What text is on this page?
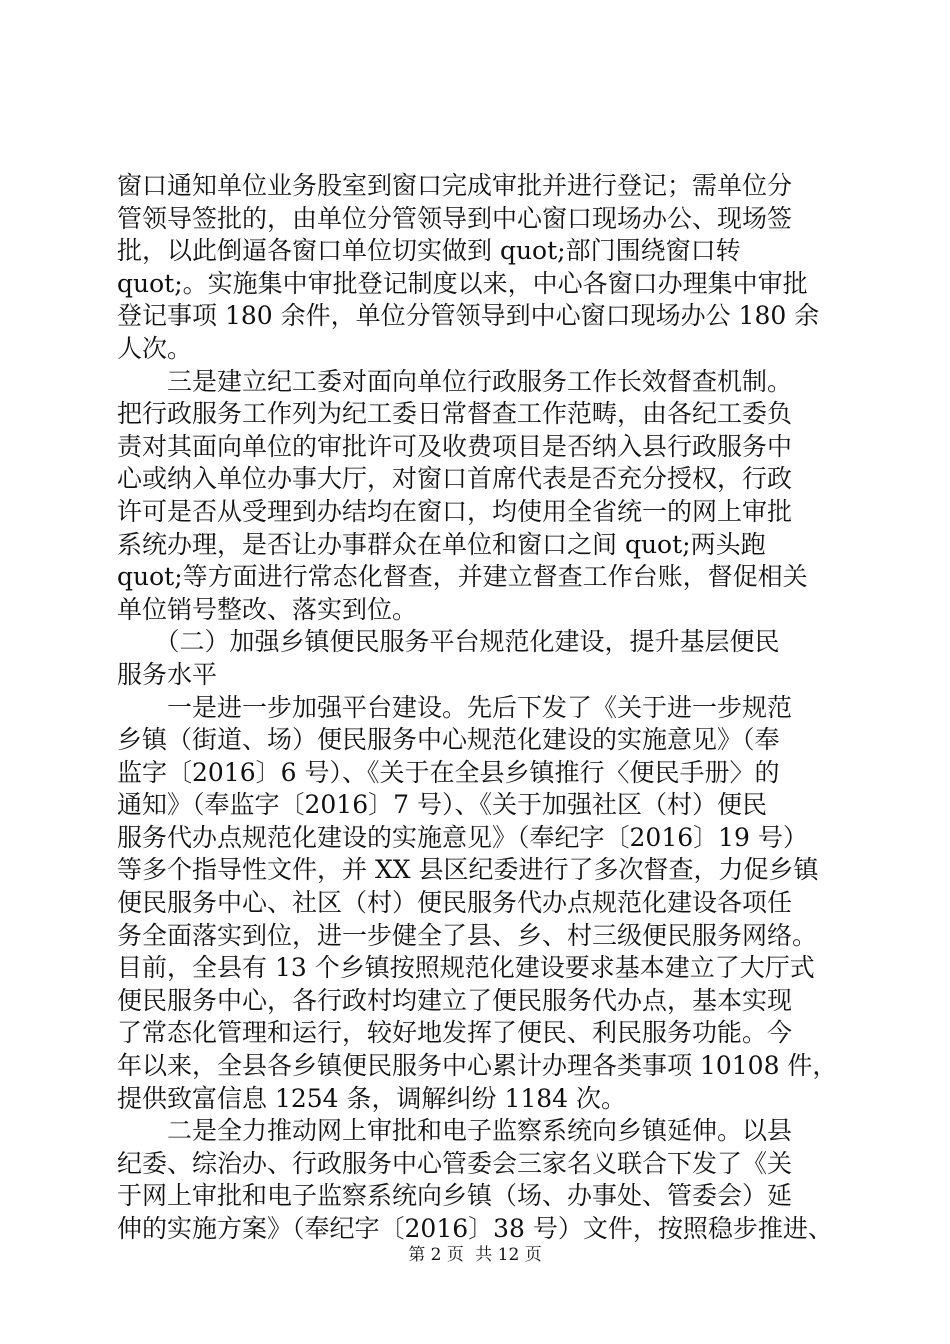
窗口通知单位业务股室到窗口完成审批并进行登记；需单位分
管领导签批的，由单位分管领导到中心窗口现场办公、现场签
批，以此倒逼各窗口单位切实做到 quot;部门围绕窗口转
quot;。实施集中审批登记制度以来，中心各窗口办理集中审批
登记事项 180 余件，单位分管领导到中心窗口现场办公 180 余
人次。
　　三是建立纪工委对面向单位行政服务工作长效督查机制。
把行政服务工作列为纪工委日常督查工作范畴，由各纪工委负
责对其面向单位的审批许可及收费项目是否纳入县行政服务中
心或纳入单位办事大厅，对窗口首席代表是否充分授权，行政
许可是否从受理到办结均在窗口，均使用全省统一的网上审批
系统办理，是否让办事群众在单位和窗口之间 quot;两头跑
quot;等方面进行常态化督查，并建立督查工作台账，督促相关
单位销号整改、落实到位。
　　（二）加强乡镇便民服务平台规范化建设，提升基层便民
服务水平
　　一是进一步加强平台建设。先后下发了《关于进一步规范
乡镇（街道、场）便民服务中心规范化建设的实施意见》（奉
监字〔2016〕6 号）、《关于在全县乡镇推行〈便民手册〉的
通知》（奉监字〔2016〕7 号）、《关于加强社区（村）便民
服务代办点规范化建设的实施意见》（奉纪字〔2016〕19 号）
等多个指导性文件，并 XX 县区纪委进行了多次督查，力促乡镇
便民服务中心、社区（村）便民服务代办点规范化建设各项任
务全面落实到位，进一步健全了县、乡、村三级便民服务网络。
目前，全县有 13 个乡镇按照规范化建设要求基本建立了大厅式
便民服务中心，各行政村均建立了便民服务代办点，基本实现
了常态化管理和运行，较好地发挥了便民、利民服务功能。今
年以来，全县各乡镇便民服务中心累计办理各类事项 10108 件，
提供致富信息 1254 条，调解纠纷 1184 次。
　　二是全力推动网上审批和电子监察系统向乡镇延伸。以县
纪委、综治办、行政服务中心管委会三家名义联合下发了《关
于网上审批和电子监察系统向乡镇（场、办事处、管委会）延
伸的实施方案》（奉纪字〔2016〕38 号）文件，按照稳步推进、
第 2 页 共 12 页
